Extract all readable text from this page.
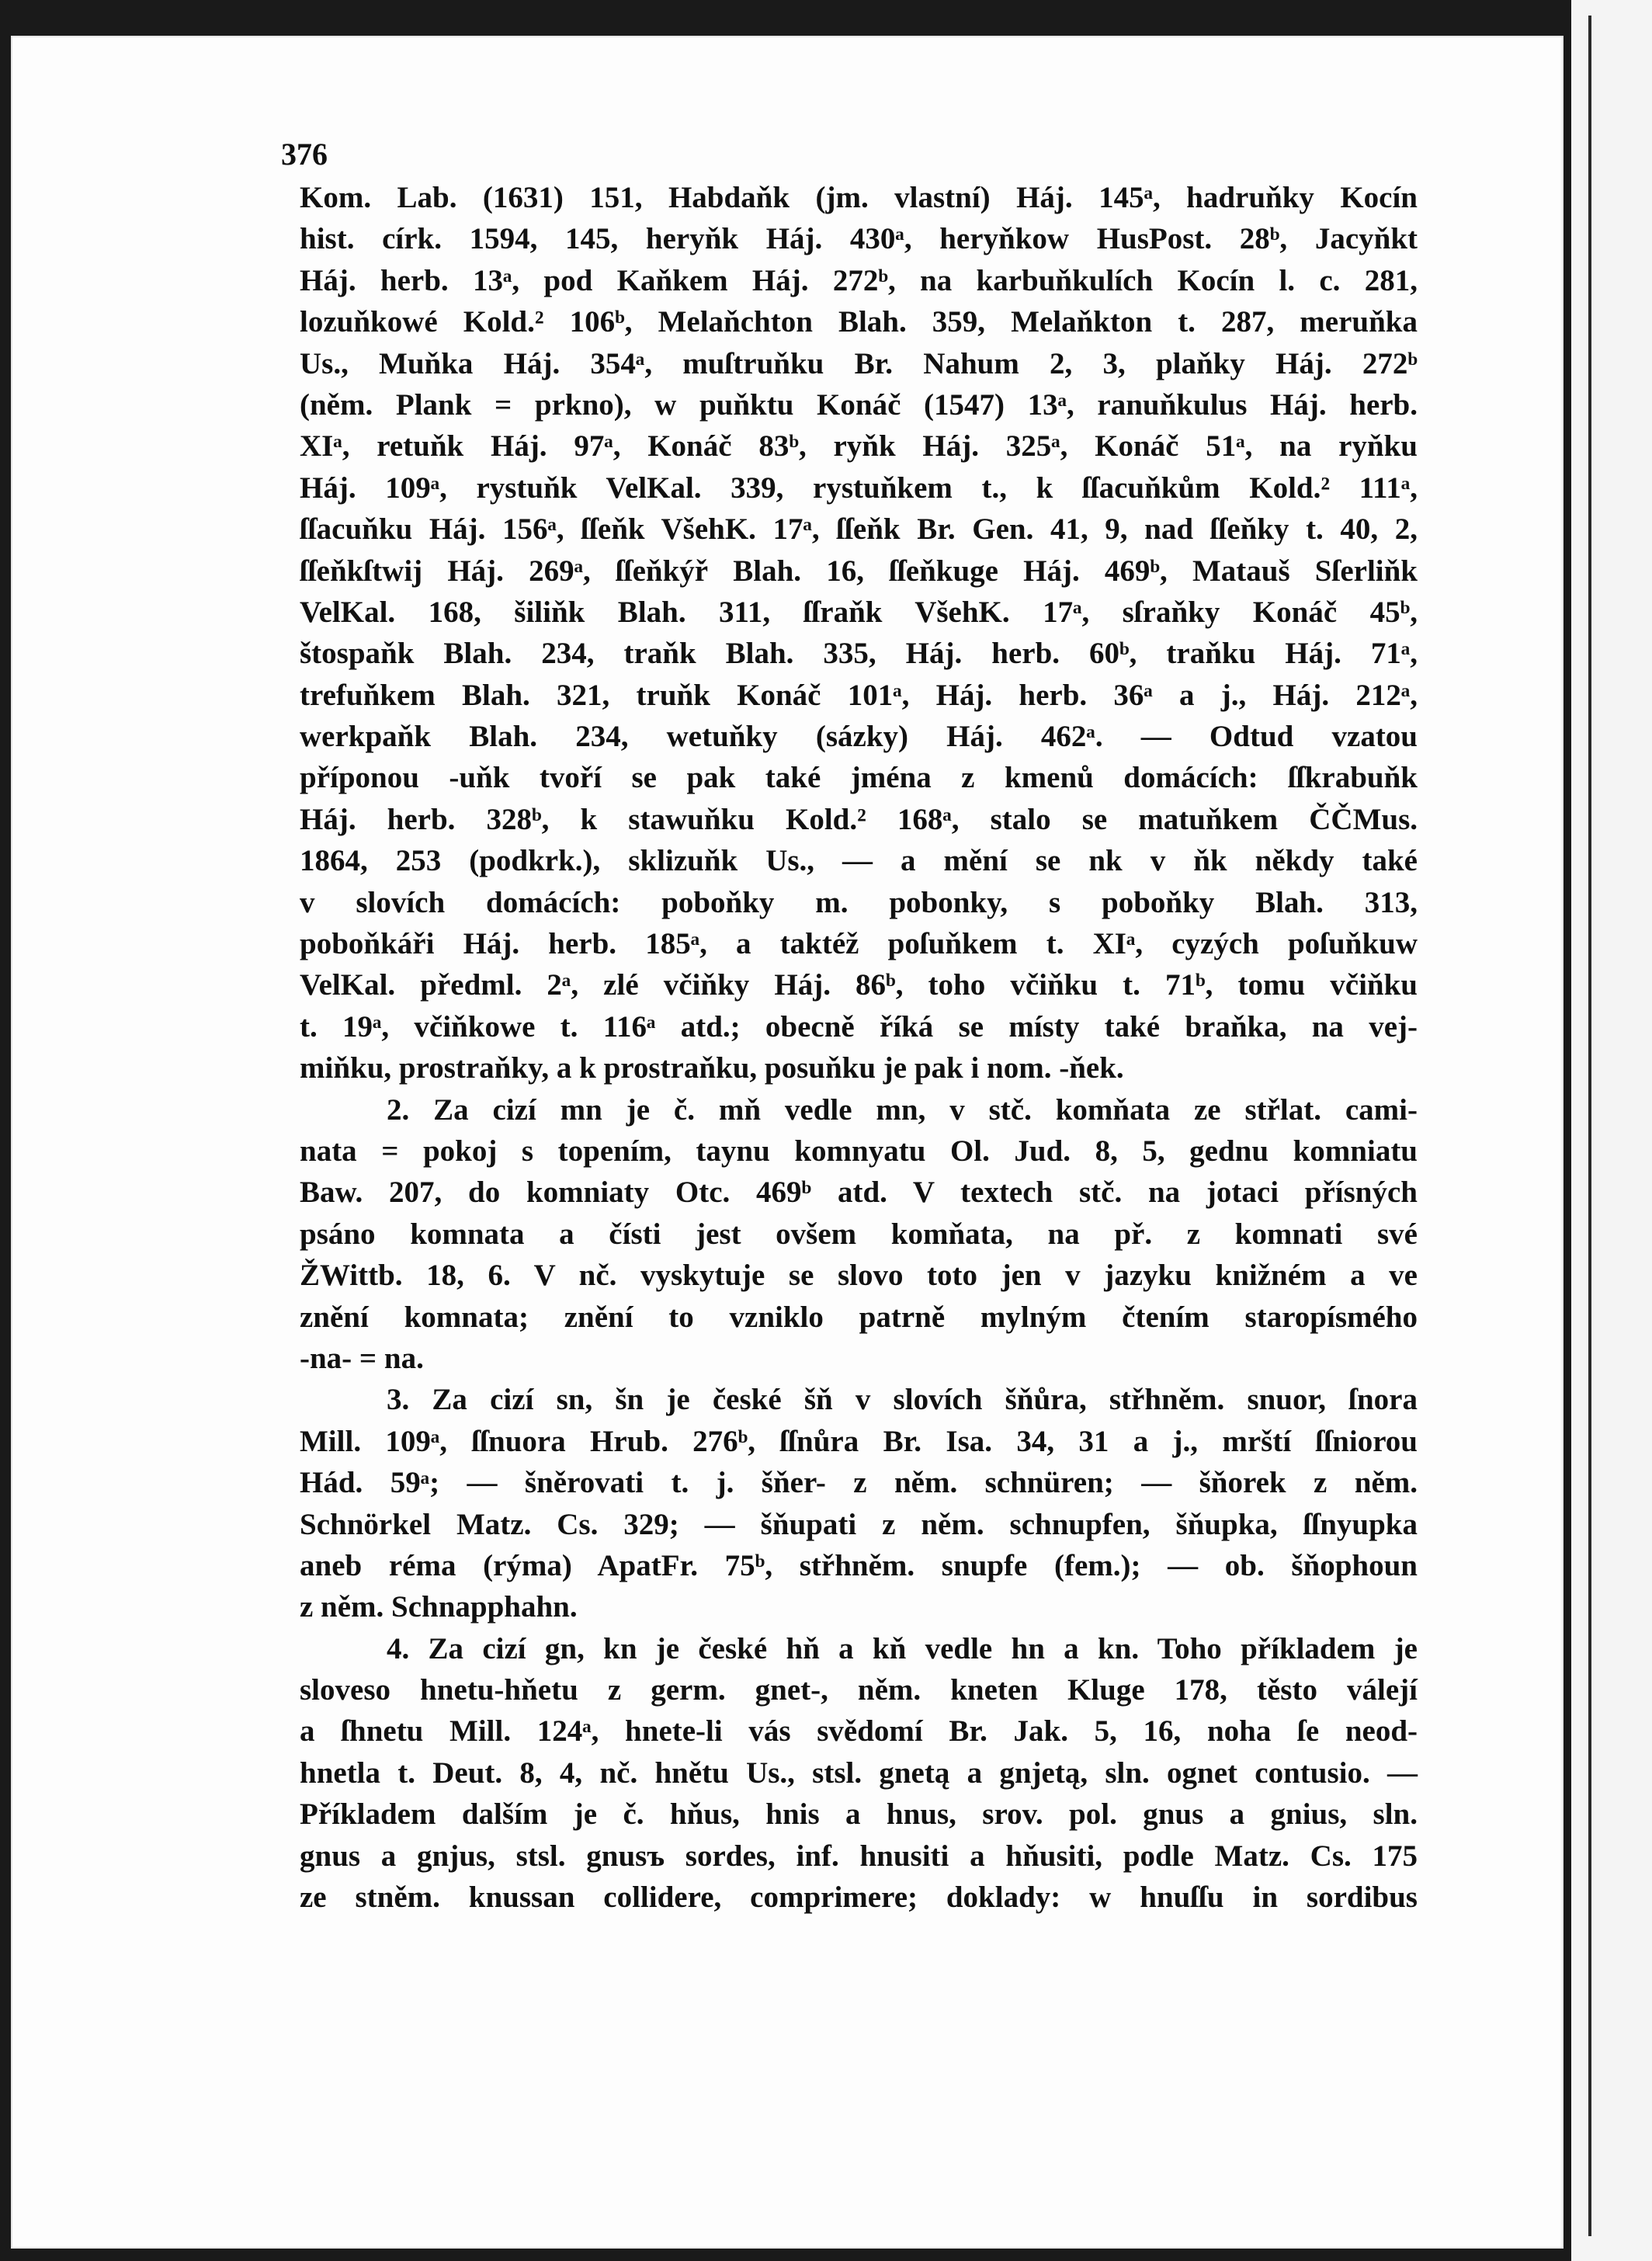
376
Kom. Lab. (1631) 151, Habdaňk (jm. vlastní) Háj. 145ᵃ, hadruňky Kocín
hist. círk. 1594, 145, heryňk Háj. 430ᵃ, heryňkow HusPost. 28ᵇ, Jacyňkt
Háj. herb. 13ᵃ, pod Kaňkem Háj. 272ᵇ, na karbuňkulích Kocín l. c. 281,
lozuňkowé Kold.² 106ᵇ, Melaňchton Blah. 359, Melaňkton t. 287, meruňka
Us., Muňka Háj. 354ᵃ, muſtruňku Br. Nahum 2, 3, plaňky Háj. 272ᵇ
(něm. Plank = prkno), w puňktu Konáč (1547) 13ᵃ, ranuňkulus Háj. herb.
XIᵃ, retuňk Háj. 97ᵃ, Konáč 83ᵇ, ryňk Háj. 325ᵃ, Konáč 51ᵃ, na ryňku
Háj. 109ᵃ, rystuňk VelKal. 339, rystuňkem t., k ſſacuňkům Kold.² 111ᵃ,
ſſacuňku Háj. 156ᵃ, ſſeňk VšehK. 17ᵃ, ſſeňk Br. Gen. 41, 9, nad ſſeňky t. 40, 2,
ſſeňkſtwij Háj. 269ᵃ, ſſeňkýř Blah. 16, ſſeňkuge Háj. 469ᵇ, Matauš Sſerliňk
VelKal. 168, šiliňk Blah. 311, ſſraňk VšehK. 17ᵃ, sſraňky Konáč 45ᵇ,
štospaňk Blah. 234, traňk Blah. 335, Háj. herb. 60ᵇ, traňku Háj. 71ᵃ,
trefuňkem Blah. 321, truňk Konáč 101ᵃ, Háj. herb. 36ᵃ a j., Háj. 212ᵃ,
werkpaňk Blah. 234, wetuňky (sázky) Háj. 462ᵃ. — Odtud vzatou
příponou -uňk tvoří se pak také jména z kmenů domácích: ſſkrabuňk
Háj. herb. 328ᵇ, k stawuňku Kold.² 168ᵃ, stalo se matuňkem ČČMus.
1864, 253 (podkrk.), sklizuňk Us., — a mění se nk v ňk někdy také
v slovích domácích: poboňky m. pobonky, s poboňky Blah. 313,
poboňkáři Háj. herb. 185ᵃ, a taktéž poſuňkem t. XIᵃ, cyzých poſuňkuw
VelKal. předml. 2ᵃ, zlé včiňky Háj. 86ᵇ, toho včiňku t. 71ᵇ, tomu včiňku
t. 19ᵃ, včiňkowe t. 116ᵃ atd.; obecně říká se místy také braňka, na vej-
miňku, prostraňky, a k prostraňku, posuňku je pak i nom. -ňek.
2. Za cizí mn je č. mň vedle mn, v stč. komňata ze střlat. cami-
nata = pokoj s topením, taynu komnyatu Ol. Jud. 8, 5, gednu komniatu
Baw. 207, do komniaty Otc. 469ᵇ atd. V textech stč. na jotaci přísných
psáno komnata a čísti jest ovšem komňata, na př. z komnati své
ŽWittb. 18, 6. V nč. vyskytuje se slovo toto jen v jazyku knižném a ve
znění komnata; znění to vzniklo patrně mylným čtením staropísmého
-na- = na.
3. Za cizí sn, šn je české šň v slovích šňůra, střhněm. snuor, ſnora
Mill. 109ᵃ, ſſnuora Hrub. 276ᵇ, ſſnůra Br. Isa. 34, 31 a j., mrští ſſniorou
Hád. 59ᵃ; — šněrovati t. j. šňer- z něm. schnüren; — šňorek z něm.
Schnörkel Matz. Cs. 329; — šňupati z něm. schnupfen, šňupka, ſſnyupka
aneb réma (rýma) ApatFr. 75ᵇ, střhněm. snupfe (fem.); — ob. šňophoun
z něm. Schnapphahn.
4. Za cizí gn, kn je české hň a kň vedle hn a kn. Toho příkladem je
sloveso hnetu-hňetu z germ. gnet-, něm. kneten Kluge 178, těsto válejí
a ſhnetu Mill. 124ᵃ, hnete-li vás svědomí Br. Jak. 5, 16, noha ſe neod-
hnetla t. Deut. 8, 4, nč. hnětu Us., stsl. gnetą a gnjetą, sln. ognet contusio. —
Příkladem dalším je č. hňus, hnis a hnus, srov. pol. gnus a gnius, sln.
gnus a gnjus, stsl. gnusъ sordes, inf. hnusiti a hňusiti, podle Matz. Cs. 175
ze stněm. knussan collidere, comprimere; doklady: w hnuſſu in sordibus
